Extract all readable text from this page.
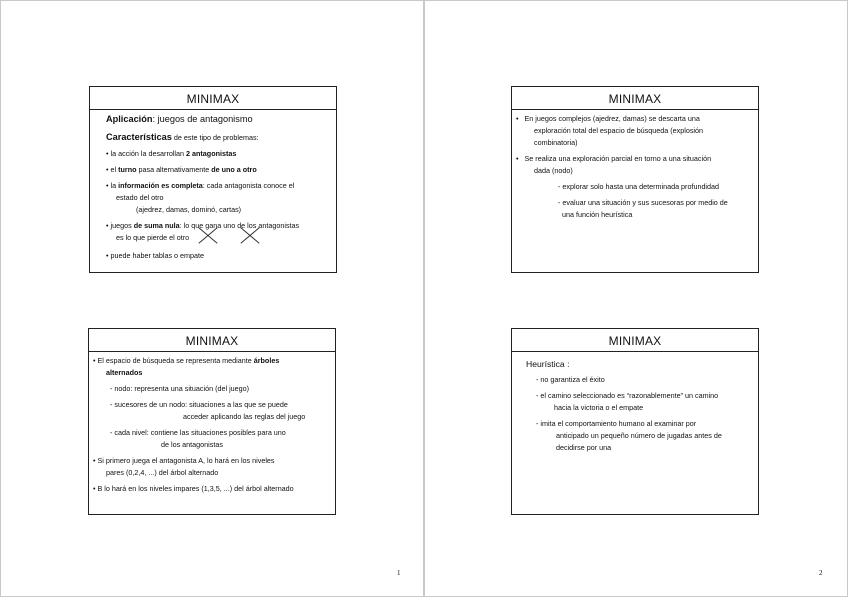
MINIMAX
Aplicación: juegos de antagonismo
Características de este tipo de problemas:
• la acción la desarrollan 2 antagonistas
• el turno pasa alternativamente de uno a otro
• la información es completa: cada antagonista conoce el
estado del otro
(ajedrez, damas, dominó, cartas)
• juegos de suma nula: lo que gana uno de los antagonistas
es lo que pierde el otro
• puede haber tablas o empate
MINIMAX
• El espacio de búsqueda se representa mediante árboles
alternados
- nodo: representa una situación (del juego)
- sucesores de un nodo: situaciones a las que se puede
acceder aplicando las reglas del juego
- cada nivel: contiene las situaciones posibles para uno
de los antagonistas
• Si primero juega el antagonista A, lo hará en los niveles
pares (0,2,4, ...) del árbol alternado
• B lo hará en los niveles impares (1,3,5, ...) del árbol alternado
1
MINIMAX
•   En juegos complejos (ajedrez, damas) se descarta una
exploración total del espacio de búsqueda (explosión
combinatoria)
•   Se realiza una exploración parcial en torno a una situación
dada (nodo)
- explorar solo hasta una determinada profundidad
- evaluar una situación y sus sucesoras por medio de
una función heurística
MINIMAX
Heurística :
- no garantiza el éxito
- el camino seleccionado es “razonablemente” un camino
hacia la victoria o el empate
- imita el comportamiento humano al examinar por
anticipado un pequeño número de jugadas antes de
decidirse por una
2
